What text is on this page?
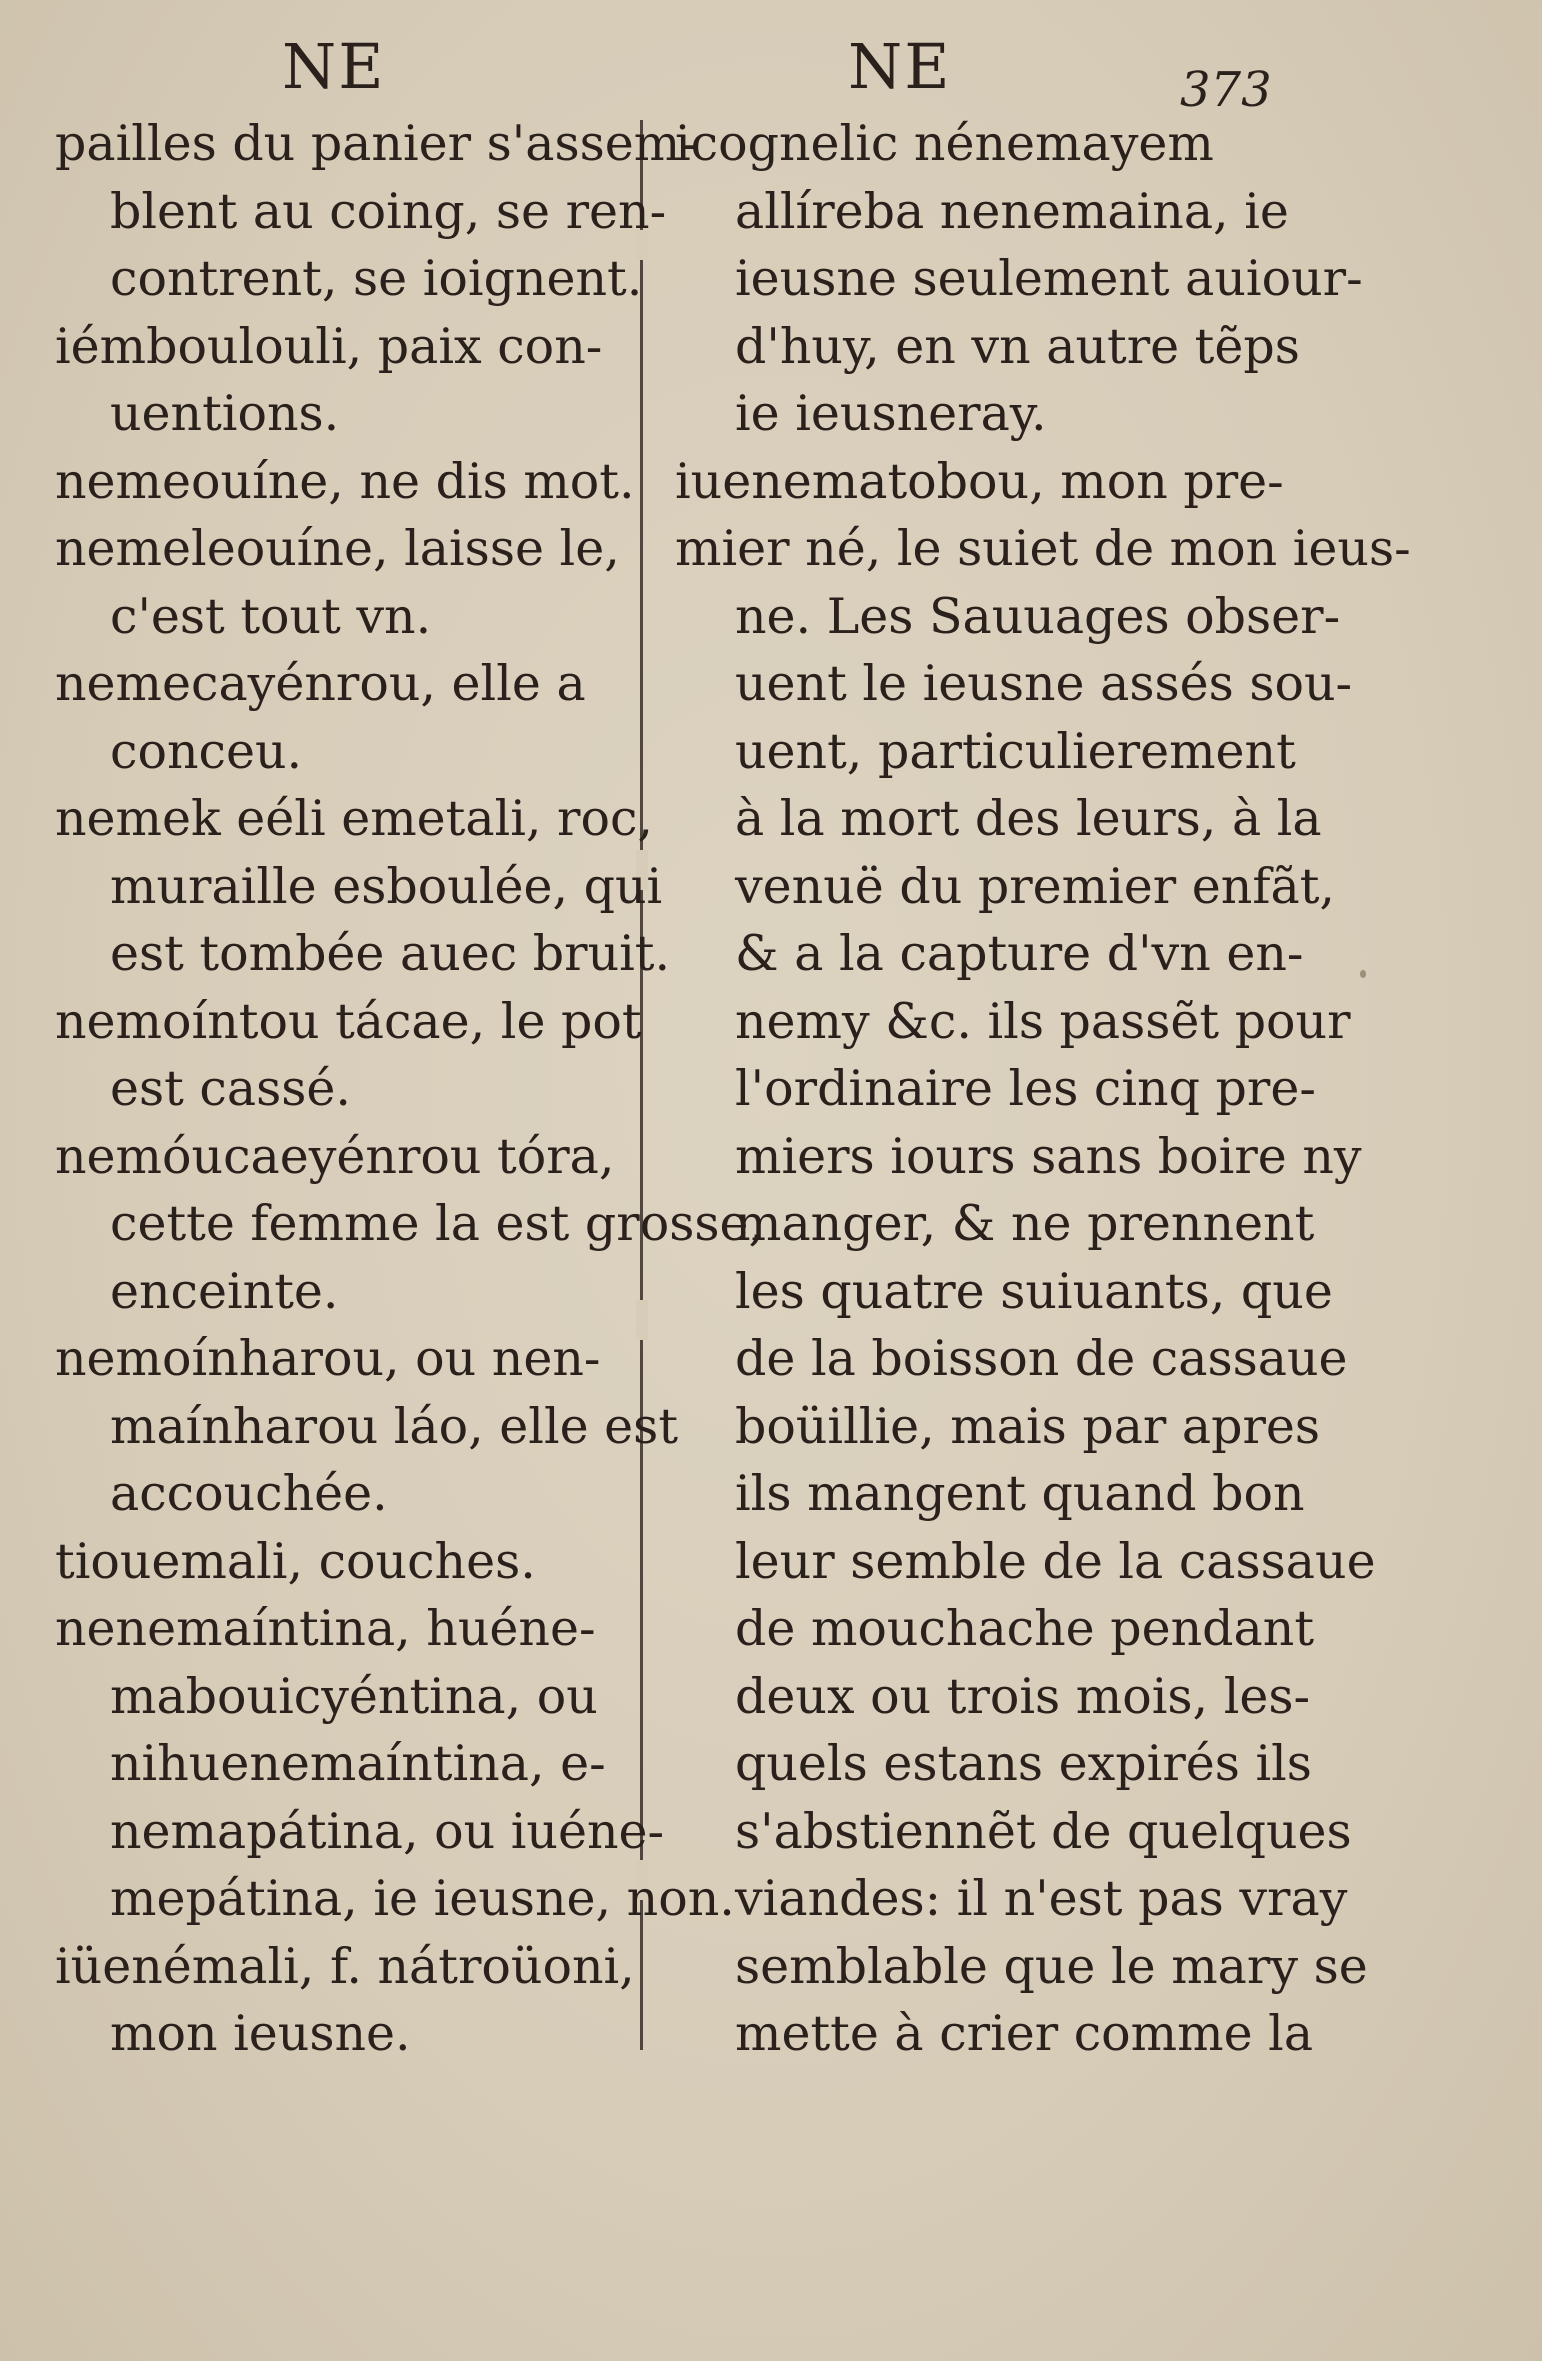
NE	NE	373
pailles du panier s'assem-
blent au coing, se ren-
contrent, se ioignent.
iémboulouli, paix con-
uentions.
nemeouíne, ne dis mot.
nemeleouíne, laisse le,
c'est tout vn.
nemecayénrou, elle a
conceu.
nemek eéli emetali, roc,
muraille esboulée, qui
est tombée auec bruit.
nemoíntou tácae, le pot
est cassé.
nemóucaeyénrou tóra,
cette femme la est grosse,
enceinte.
nemoínharou, ou nen-
maínharou láo, elle est
accouchée.
tiouemali, couches.
nenemaíntina, huéne-
mabouicyéntina, ou
nihuenemaíntina, e-
nemapátina, ou iuéne-
mepátina, ie ieusne, non.
iüenémali, f. nátroüoni,
mon ieusne.
icognelic nénemayem
allíreba nenemaina, ie
ieusne seulement auiour-
d'huy, en vn autre tẽps
ie ieusneray.
iuenematobou, mon pre-
mier né, le suiet de mon ieus-
ne. Les Sauuages obser-
uent le ieusne assés sou-
uent, particulierement
à la mort des leurs, à la
venuë du premier enfãt,
& a la capture d'vn en-
nemy &c. ils passẽt pour
l'ordinaire les cinq pre-
miers iours sans boire ny
manger, & ne prennent
les quatre suiuants, que
de la boisson de cassaue
boüillie, mais par apres
ils mangent quand bon
leur semble de la cassaue
de mouchache pendant
deux ou trois mois, les-
quels estans expirés ils
s'abstiennẽt de quelques
viandes: il n'est pas vray
semblable que le mary se
mette à crier comme la
